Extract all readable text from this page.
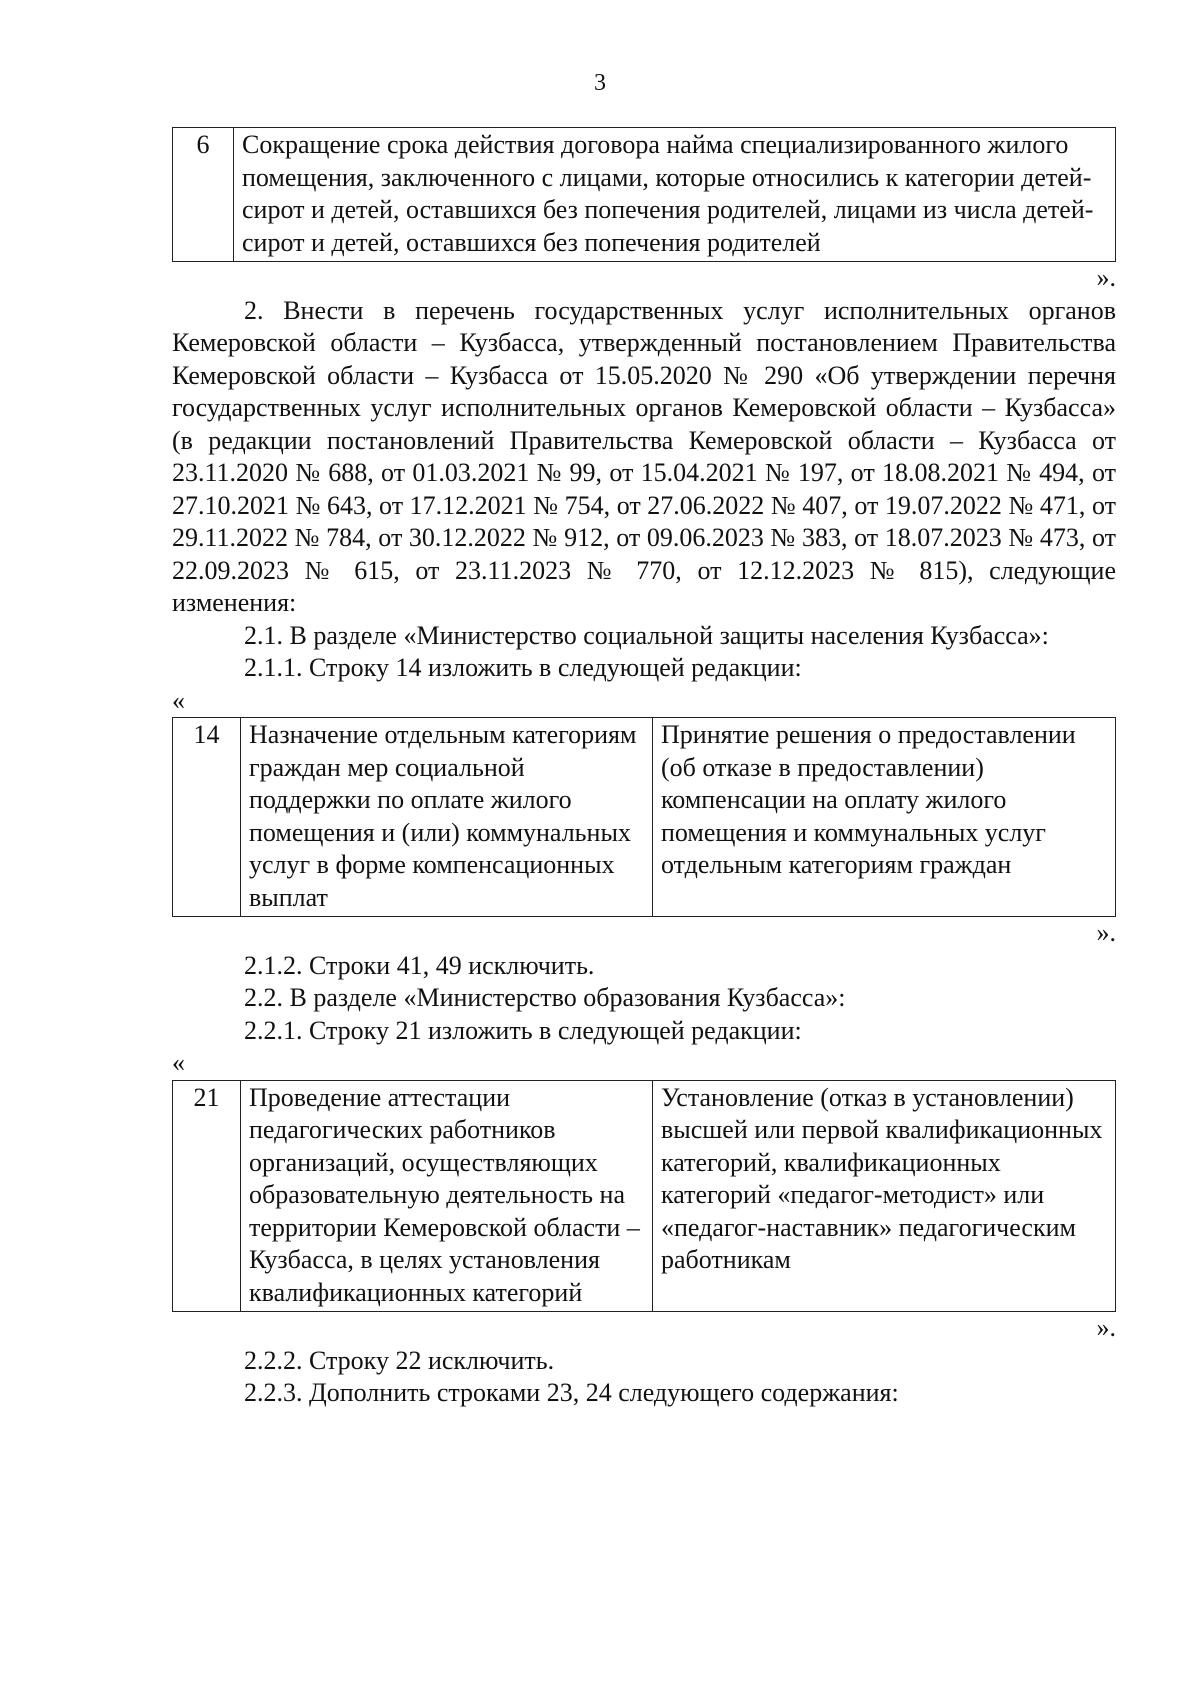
3
6	Сокращение срока действия договора найма специализированного жилого помещения, заключенного с лицами, которые относились к категории детей-сирот и детей, оставшихся без попечения родителей, лицами из числа детей-сирот и детей, оставшихся без попечения родителей
».

2. Внести в перечень государственных услуг исполнительных органов Кемеровской области – Кузбасса, утвержденный постановлением Правительства Кемеровской области – Кузбасса от 15.05.2020 № 290 «Об утверждении перечня государственных услуг исполнительных органов Кемеровской области – Кузбасса» (в редакции постановлений Правительства Кемеровской области – Кузбасса от 23.11.2020 № 688, от 01.03.2021 № 99, от 15.04.2021 № 197, от 18.08.2021 № 494, от 27.10.2021 № 643, от 17.12.2021 № 754, от 27.06.2022 № 407, от 19.07.2022 № 471, от 29.11.2022 № 784, от 30.12.2022 № 912, от 09.06.2023 № 383, от 18.07.2023 № 473, от 22.09.2023 № 615, от 23.11.2023 № 770, от 12.12.2023 № 815), следующие изменения:

2.1. В разделе «Министерство социальной защиты населения Кузбасса»:

2.1.1. Строку 14 изложить в следующей редакции:

«
14	Назначение отдельным категориям граждан мер социальной поддержки по оплате жилого помещения и (или) коммунальных услуг в форме компенсационных выплат	Принятие решения о предоставлении (об отказе в предоставлении) компенсации на оплату жилого помещения и коммунальных услуг отдельным категориям граждан
».

2.1.2. Строки 41, 49 исключить.

2.2. В разделе «Министерство образования Кузбасса»:

2.2.1. Строку 21 изложить в следующей редакции:

«
21	Проведение аттестации педагогических работников организаций, осуществляющих образовательную деятельность на территории Кемеровской области – Кузбасса, в целях установления квалификационных категорий	Установление (отказ в установлении) высшей или первой квалификационных категорий, квалификационных категорий «педагог-методист» или «педагог-наставник» педагогическим работникам
».

2.2.2. Строку 22 исключить.

2.2.3. Дополнить строками 23, 24 следующего содержания:
